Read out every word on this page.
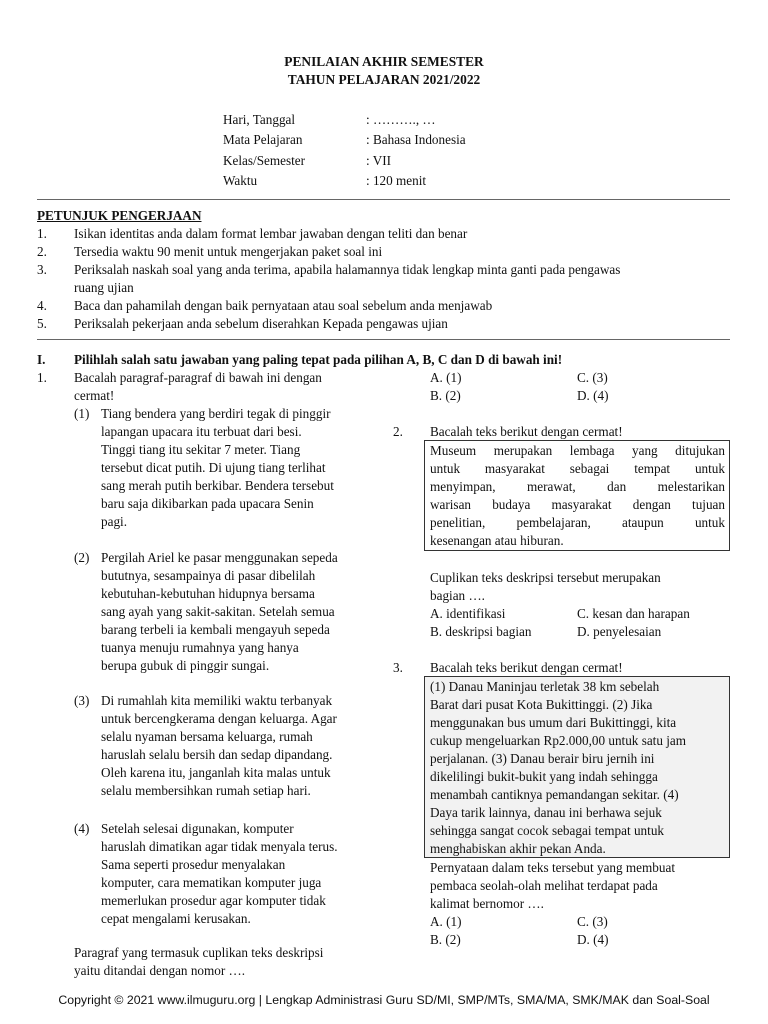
PENILAIAN AKHIR SEMESTER
TAHUN PELAJARAN 2021/2022
Hari, Tanggal	: ………., …
Mata Pelajaran	: Bahasa Indonesia
Kelas/Semester	: VII
Waktu	: 120 menit
PETUNJUK PENGERJAAN
1. Isikan identitas anda dalam format lembar jawaban dengan teliti dan benar
2. Tersedia waktu 90 menit untuk mengerjakan paket soal ini
3. Periksalah naskah soal yang anda terima, apabila halamannya tidak lengkap minta ganti pada pengawas
ruang ujian
4. Baca dan pahamilah dengan baik pernyataan atau soal sebelum anda menjawab
5. Periksalah pekerjaan anda sebelum diserahkan Kepada pengawas ujian
I. Pilihlah salah satu jawaban yang paling tepat pada pilihan A, B, C dan D di bawah ini!
1. Bacalah paragraf-paragraf di bawah ini dengan
cermat!
(1) Tiang bendera yang berdiri tegak di pinggir
lapangan upacara itu terbuat dari besi.
Tinggi tiang itu sekitar 7 meter. Tiang
tersebut dicat putih. Di ujung tiang terlihat
sang merah putih berkibar. Bendera tersebut
baru saja dikibarkan pada upacara Senin
pagi.
(2) Pergilah Ariel ke pasar menggunakan sepeda
bututnya, sesampainya di pasar dibelilah
kebutuhan-kebutuhan hidupnya bersama
sang ayah yang sakit-sakitan. Setelah semua
barang terbeli ia kembali mengayuh sepeda
tuanya menuju rumahnya yang hanya
berupa gubuk di pinggir sungai.
(3) Di rumahlah kita memiliki waktu terbanyak
untuk bercengkerama dengan keluarga. Agar
selalu nyaman bersama keluarga, rumah
haruslah selalu bersih dan sedap dipandang.
Oleh karena itu, janganlah kita malas untuk
selalu membersihkan rumah setiap hari.
(4) Setelah selesai digunakan, komputer
haruslah dimatikan agar tidak menyala terus.
Sama seperti prosedur menyalakan
komputer, cara mematikan komputer juga
memerlukan prosedur agar komputer tidak
cepat mengalami kerusakan.
Paragraf yang termasuk cuplikan teks deskripsi
yaitu ditandai dengan nomor ….
A. (1)	C. (3)
B. (2)	D. (4)
2. Bacalah teks berikut dengan cermat!
Museum merupakan lembaga yang ditujukan
untuk masyarakat sebagai tempat untuk
menyimpan, merawat, dan melestarikan
warisan budaya masyarakat dengan tujuan
penelitian, pembelajaran, ataupun untuk
kesenangan atau hiburan.
Cuplikan teks deskripsi tersebut merupakan
bagian ….
A. identifikasi	C. kesan dan harapan
B. deskripsi bagian	D. penyelesaian
3. Bacalah teks berikut dengan cermat!
(1) Danau Maninjau terletak 38 km sebelah
Barat dari pusat Kota Bukittinggi. (2) Jika
menggunakan bus umum dari Bukittinggi, kita
cukup mengeluarkan Rp2.000,00 untuk satu jam
perjalanan. (3) Danau berair biru jernih ini
dikelilingi bukit-bukit yang indah sehingga
menambah cantiknya pemandangan sekitar. (4)
Daya tarik lainnya, danau ini berhawa sejuk
sehingga sangat cocok sebagai tempat untuk
menghabiskan akhir pekan Anda.
Pernyataan dalam teks tersebut yang membuat
pembaca seolah-olah melihat terdapat pada
kalimat bernomor ….
A. (1)	C. (3)
B. (2)	D. (4)
Copyright © 2021 www.ilmuguru.org | Lengkap Administrasi Guru SD/MI, SMP/MTs, SMA/MA, SMK/MAK dan Soal-Soal
